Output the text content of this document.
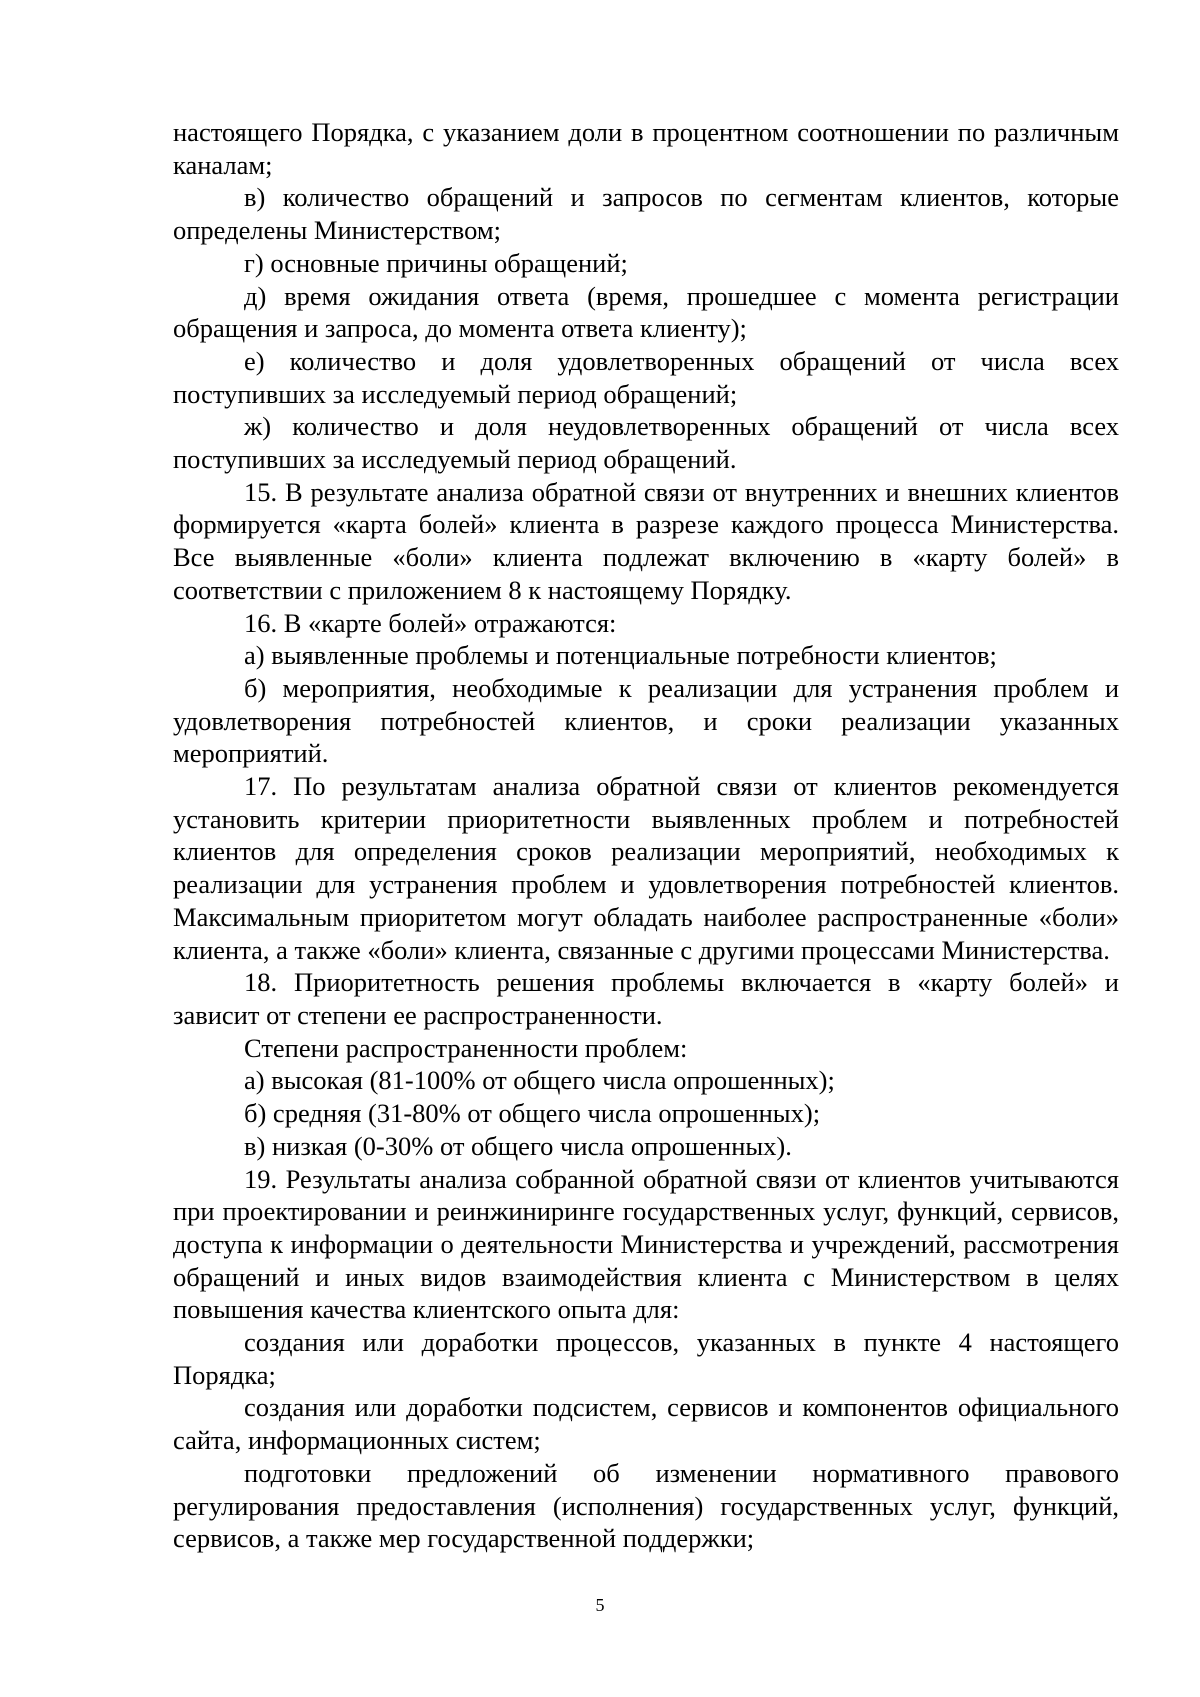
настоящего Порядка, с указанием доли в процентном соотношении по различным каналам;

в) количество обращений и запросов по сегментам клиентов, которые определены Министерством;

г) основные причины обращений;

д) время ожидания ответа (время, прошедшее с момента регистрации обращения и запроса, до момента ответа клиенту);

е) количество и доля удовлетворенных обращений от числа всех поступивших за исследуемый период обращений;

ж) количество и доля неудовлетворенных обращений от числа всех поступивших за исследуемый период обращений.

15. В результате анализа обратной связи от внутренних и внешних клиентов формируется «карта болей» клиента в разрезе каждого процесса Министерства. Все выявленные «боли» клиента подлежат включению в «карту болей» в соответствии с приложением 8 к настоящему Порядку.

16. В «карте болей» отражаются:

а) выявленные проблемы и потенциальные потребности клиентов;

б) мероприятия, необходимые к реализации для устранения проблем и удовлетворения потребностей клиентов, и сроки реализации указанных мероприятий.

17. По результатам анализа обратной связи от клиентов рекомендуется установить критерии приоритетности выявленных проблем и потребностей клиентов для определения сроков реализации мероприятий, необходимых к реализации для устранения проблем и удовлетворения потребностей клиентов. Максимальным приоритетом могут обладать наиболее распространенные «боли» клиента, а также «боли» клиента, связанные с другими процессами Министерства.

18. Приоритетность решения проблемы включается в «карту болей» и зависит от степени ее распространенности.

Степени распространенности проблем:

а) высокая (81-100% от общего числа опрошенных);

б) средняя (31-80% от общего числа опрошенных);

в) низкая (0-30% от общего числа опрошенных).

19. Результаты анализа собранной обратной связи от клиентов учитываются при проектировании и реинжиниринге государственных услуг, функций, сервисов, доступа к информации о деятельности Министерства и учреждений, рассмотрения обращений и иных видов взаимодействия клиента с Министерством в целях повышения качества клиентского опыта для:

создания или доработки процессов, указанных в пункте 4 настоящего Порядка;

создания или доработки подсистем, сервисов и компонентов официального сайта, информационных систем;

подготовки предложений об изменении нормативного правового регулирования предоставления (исполнения) государственных услуг, функций, сервисов, а также мер государственной поддержки;

5
